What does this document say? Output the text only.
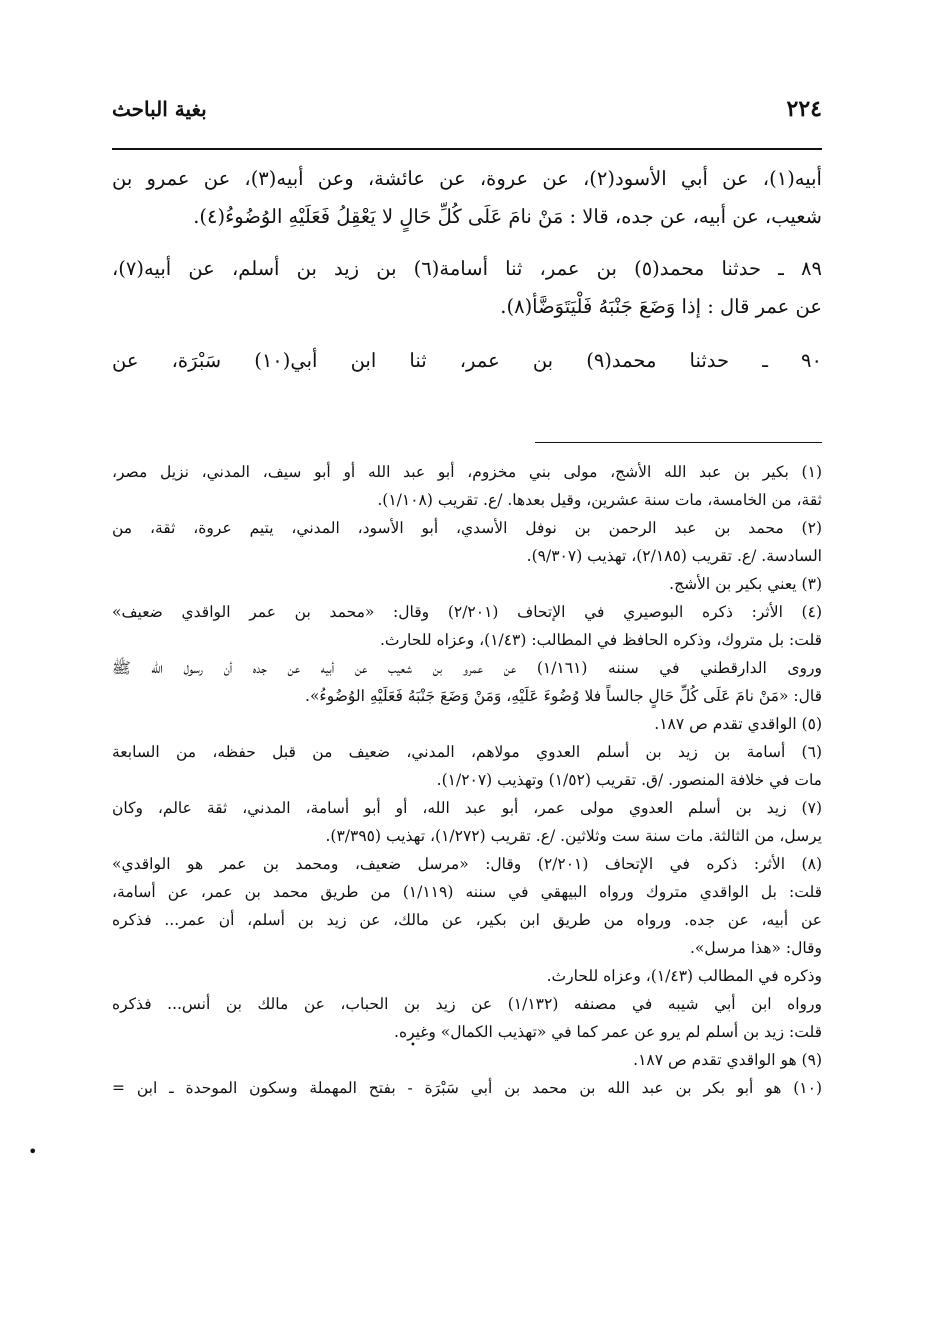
٢٢٤
بغية الباحث
أبيه(١)، عن أبي الأسود(٢)، عن عروة، عن عائشة، وعن أبيه(٣)، عن عمرو بن
شعيب، عن أبيه، عن جده، قالا : مَنْ نامَ عَلَى كُلِّ حَالٍ لا يَعْقِلُ فَعَلَيْهِ الوُضُوءُ(٤).
٨٩ ـ حدثنا محمد(٥) بن عمر، ثنا أسامة(٦) بن زيد بن أسلم، عن أبيه(٧)،
عن عمر قال : إذا وَضَعَ جَنْبَهُ فَلْيَتَوَضَّأ(٨).
٩٠ ـ حدثنا محمد(٩) بن عمر، ثنا ابن أبي(١٠) سَبْرَة، عن
(١) بكير بن عبد الله الأشج، مولى بني مخزوم، أبو عبد الله أو أبو سيف، المدني، نزيل مصر،
ثقة، من الخامسة، مات سنة عشرين، وقيل بعدها. /ع. تقريب (١/١٠٨).
(٢) محمد بن عبد الرحمن بن نوفل الأسدي، أبو الأسود، المدني، يتيم عروة، ثقة، من
السادسة. /ع. تقريب (٢/١٨٥)، تهذيب (٩/٣٠٧).
(٣) يعني بكير بن الأشج.
(٤) الأثر: ذكره البوصيري في الإتحاف (٢/٢٠١) وقال: «محمد بن عمر الواقدي ضعيف»
قلت: بل متروك، وذكره الحافظ في المطالب: (١/٤٣)، وعزاه للحارث.
وروى الدارقطني في سننه (١/١٦١) عن عمرو بن شعيب عن أبيه عن جده أن رسول الله ﷺ
قال: «مَنْ نامَ عَلَى كُلِّ حَالٍ جالساً فلا وُضُوءَ عَلَيْهِ، وَمَنْ وَضَعَ جَنْبَهُ فَعَلَيْهِ الوُضُوءُ».
(٥) الواقدي تقدم ص ١٨٧.
(٦) أسامة بن زيد بن أسلم العدوي مولاهم، المدني، ضعيف من قبل حفظه، من السابعة
مات في خلافة المنصور. /ق. تقريب (١/٥٢) وتهذيب (١/٢٠٧).
(٧) زيد بن أسلم العدوي مولى عمر، أبو عبد الله، أو أبو أسامة، المدني، ثقة عالم، وكان
يرسل، من الثالثة. مات سنة ست وثلاثين. /ع. تقريب (١/٢٧٢)، تهذيب (٣/٣٩٥).
(٨) الأثر: ذكره في الإتحاف (٢/٢٠١) وقال: «مرسل ضعيف، ومحمد بن عمر هو الواقدي»
قلت: بل الواقدي متروك ورواه البيهقي في سننه (١/١١٩) من طريق محمد بن عمر، عن أسامة،
عن أبيه، عن جده. ورواه من طريق ابن بكير، عن مالك، عن زيد بن أسلم، أن عمر... فذكره
وقال: «هذا مرسل».
وذكره في المطالب (١/٤٣)، وعزاه للحارث.
ورواه ابن أبي شيبه في مصنفه (١/١٣٢) عن زيد بن الحباب، عن مالك بن أنس... فذكره
قلت: زيد بن أسلم لم يرو عن عمر كما في «تهذيب الكمال» وغيره.
(٩) هو الواقدي تقدم ص ١٨٧.
(١٠) هو أبو بكر بن عبد الله بن محمد بن أبي سَبْرَة - بفتح المهملة وسكون الموحدة ـ ابن =
•
•
